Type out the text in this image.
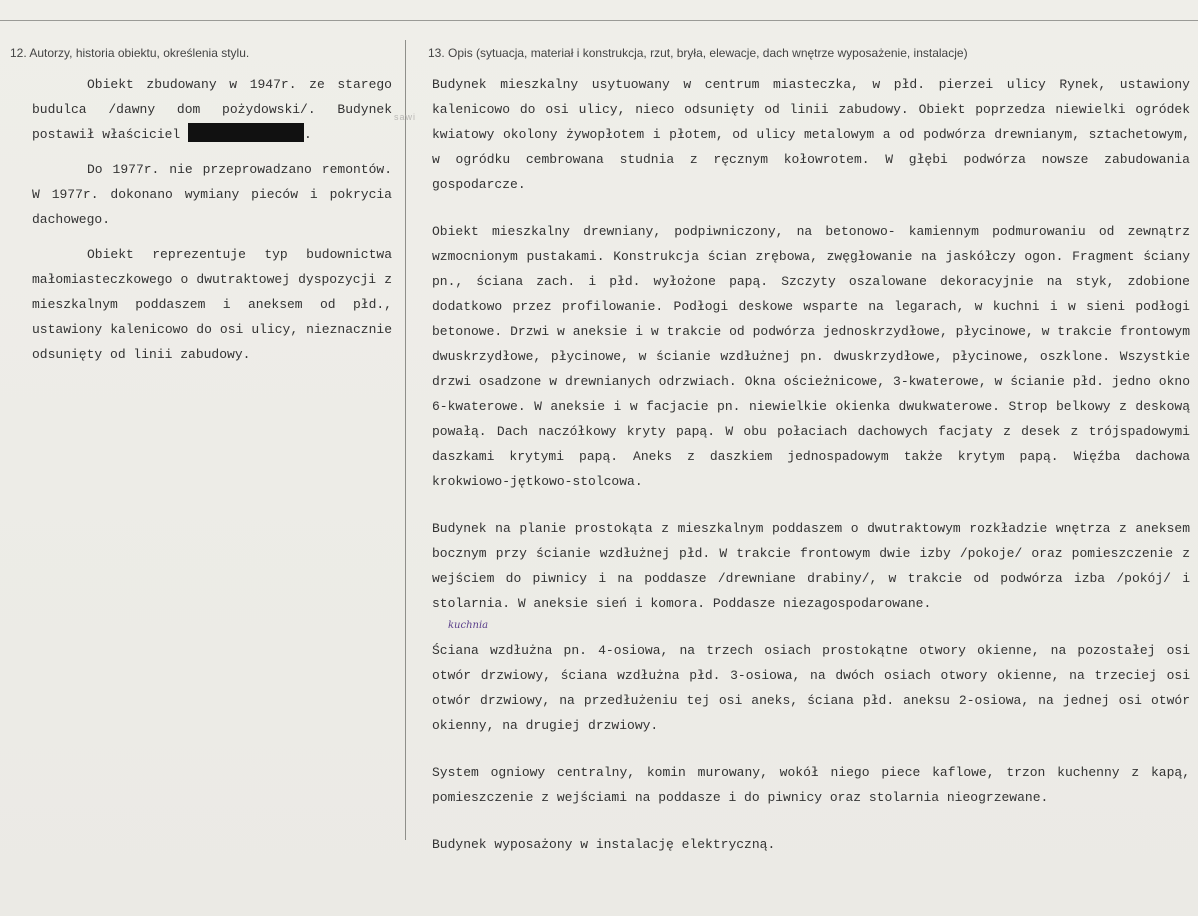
12. Autorzy, historia obiektu, określenia stylu.	13. Opis (sytuacja, materiał i konstrukcja, rzut, bryła, elewacje, dach wnętrze wyposażenie, instalacje)
sawi

Obiekt zbudowany w 1947r. ze starego budulca /dawny dom pożydowski/. Budynek postawił właściciel	.

Do 1977r. nie przeprowadzano remontów. W 1977r. dokonano wymiany pieców i pokrycia dachowego.

Obiekt reprezentuje typ budownictwa małomiasteczkowego o dwutraktowej dyspozycji z mieszkalnym poddaszem i aneksem od płd., ustawiony kalenicowo do osi ulicy, nieznacznie odsunięty od linii zabudowy.

Budynek mieszkalny usytuowany w centrum miasteczka, w płd. pierzei ulicy Rynek, ustawiony kalenicowo do osi ulicy, nieco odsunięty od linii zabudowy. Obiekt poprzedza niewielki ogródek kwiatowy okolony żywopłotem i płotem, od ulicy metalowym a od podwórza drewnianym, sztachetowym, w ogródku cembrowana studnia z ręcznym kołowrotem. W głębi podwórza nowsze zabudowania gospodarcze.

Obiekt mieszkalny drewniany, podpiwniczony, na betonowo- kamiennym podmurowaniu od zewnątrz wzmocnionym pustakami. Konstrukcja ścian zrębowa, zwęgłowanie na jaskółczy ogon. Fragment ściany pn., ściana zach. i płd. wyłożone papą. Szczyty oszalowane dekoracyjnie na styk, zdobione dodatkowo przez profilowanie. Podłogi deskowe wsparte na legarach, w kuchni i w sieni podłogi betonowe. Drzwi w aneksie i w trakcie od podwórza jednoskrzydłowe, płycinowe, w trakcie frontowym dwuskrzydłowe, płycinowe, w ścianie wzdłużnej pn. dwuskrzydłowe, płycinowe, oszklone. Wszystkie drzwi osadzone w drewnianych odrzwiach. Okna ościeżnicowe, 3-kwaterowe, w ścianie płd. jedno okno 6-kwaterowe. W aneksie i w facjacie pn. niewielkie okienka dwukwaterowe. Strop belkowy z deskową powałą. Dach naczółkowy kryty papą. W obu połaciach dachowych facjaty z desek z trójspadowymi daszkami krytymi papą. Aneks z daszkiem jednospadowym także krytym papą. Więźba dachowa krokwiowo-jętkowo-stolcowa.

Budynek na planie prostokąta z mieszkalnym poddaszem o dwutraktowym rozkładzie wnętrza z aneksem bocznym przy ścianie wzdłużnej płd. W trakcie frontowym dwie izby /pokoje/ oraz pomieszczenie z wejściem do piwnicy i na poddasze /drewniane drabiny/, w trakcie od podwórza izba /pokój/ i stolarnia. W aneksie sień i komora. Poddasze niezagospodarowane.

Ściana wzdłużna pn. 4-osiowa, na trzech osiach prostokątne otwory okienne, na pozostałej osi otwór drzwiowy, ściana wzdłużna płd. 3-osiowa, na dwóch osiach otwory okienne, na trzeciej osi otwór drzwiowy, na przedłużeniu tej osi aneks, ściana płd. aneksu 2-osiowa, na jednej osi otwór okienny, na drugiej drzwiowy.

System ogniowy centralny, komin murowany, wokół niego piece kaflowe, trzon kuchenny z kapą, pomieszczenie z wejściami na poddasze i do piwnicy oraz stolarnia nieogrzewane.

Budynek wyposażony w instalację elektryczną.

kuchnia
